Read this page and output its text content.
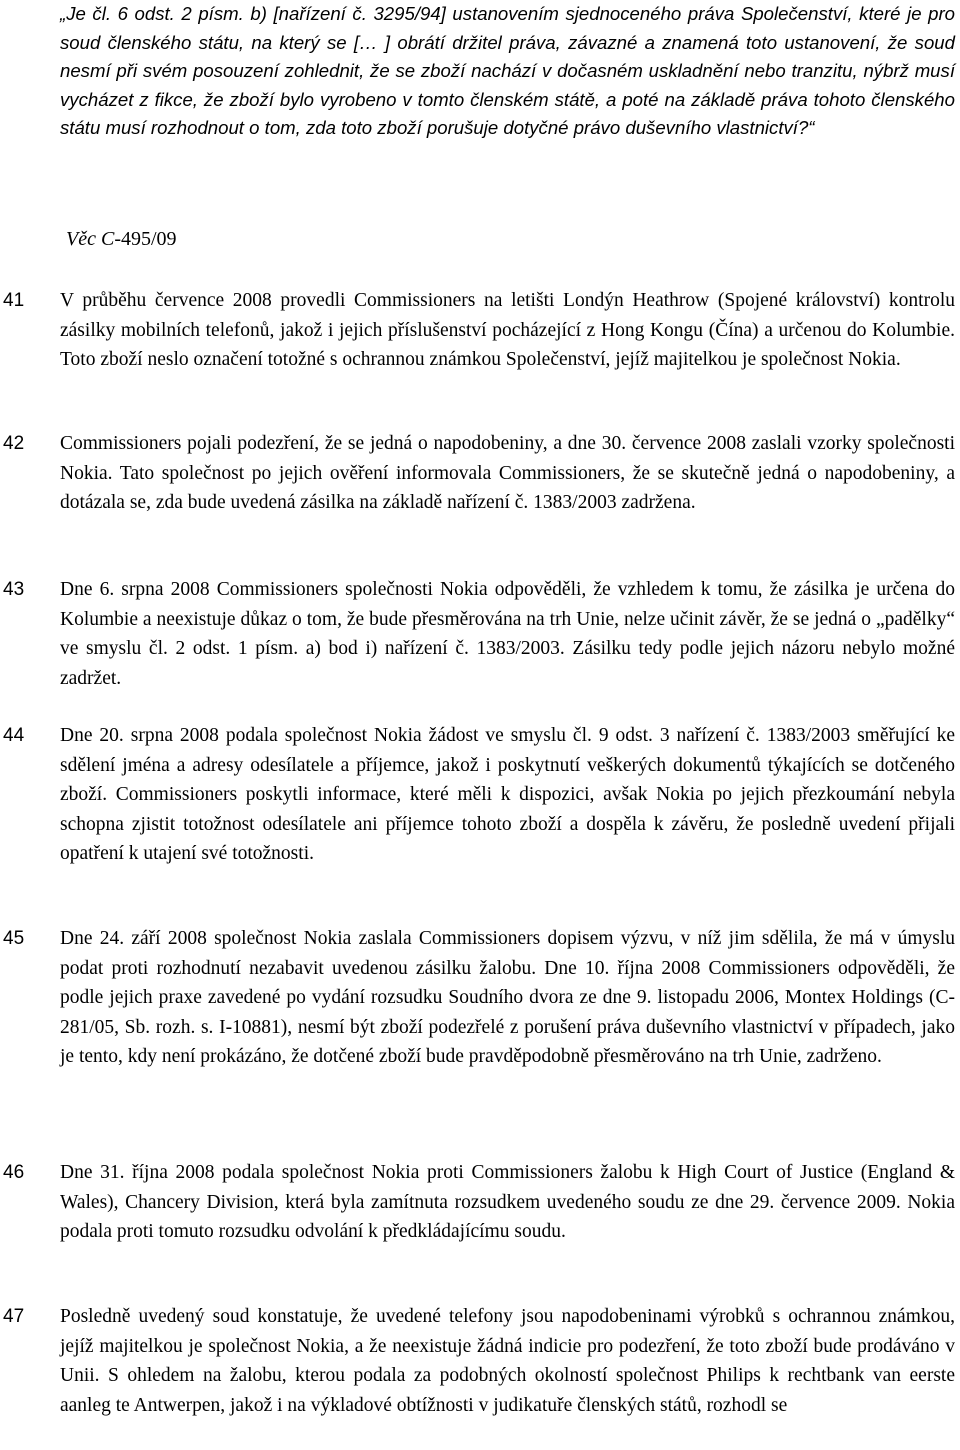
„Je čl. 6 odst. 2 písm. b) [nařízení č. 3295/94] ustanovením sjednoceného práva Společenství, které je pro soud členského státu, na který se [… ] obrátí držitel práva, závazné a znamená toto ustanovení, že soud nesmí při svém posouzení zohlednit, že se zboží nachází v dočasném uskladnění nebo tranzitu, nýbrž musí vycházet z fikce, že zboží bylo vyrobeno v tomto členském státě, a poté na základě práva tohoto členského státu musí rozhodnout o tom, zda toto zboží porušuje dotyčné právo duševního vlastnictví?“

Věc C-495/09

41 V průběhu července 2008 provedli Commissioners na letišti Londýn Heathrow (Spojené království) kontrolu zásilky mobilních telefonů, jakož i jejich příslušenství pocházející z Hong Kongu (Čína) a určenou do Kolumbie. Toto zboží neslo označení totožné s ochrannou známkou Společenství, jejíž majitelkou je společnost Nokia.

42 Commissioners pojali podezření, že se jedná o napodobeniny, a dne 30. července 2008 zaslali vzorky společnosti Nokia. Tato společnost po jejich ověření informovala Commissioners, že se skutečně jedná o napodobeniny, a dotázala se, zda bude uvedená zásilka na základě nařízení č. 1383/2003 zadržena.

43 Dne 6. srpna 2008 Commissioners společnosti Nokia odpověděli, že vzhledem k tomu, že zásilka je určena do Kolumbie a neexistuje důkaz o tom, že bude přesměrována na trh Unie, nelze učinit závěr, že se jedná o „padělky“ ve smyslu čl. 2 odst. 1 písm. a) bod i) nařízení č. 1383/2003. Zásilku tedy podle jejich názoru nebylo možné zadržet.

44 Dne 20. srpna 2008 podala společnost Nokia žádost ve smyslu čl. 9 odst. 3 nařízení č. 1383/2003 směřující ke sdělení jména a adresy odesílatele a příjemce, jakož i poskytnutí veškerých dokumentů týkajících se dotčeného zboží. Commissioners poskytli informace, které měli k dispozici, avšak Nokia po jejich přezkoumání nebyla schopna zjistit totožnost odesílatele ani příjemce tohoto zboží a dospěla k závěru, že posledně uvedení přijali opatření k utajení své totožnosti.

45 Dne 24. září 2008 společnost Nokia zaslala Commissioners dopisem výzvu, v níž jim sdělila, že má v úmyslu podat proti rozhodnutí nezabavit uvedenou zásilku žalobu. Dne 10. října 2008 Commissioners odpověděli, že podle jejich praxe zavedené po vydání rozsudku Soudního dvora ze dne 9. listopadu 2006, Montex Holdings (C-281/05, Sb. rozh. s. I-10881), nesmí být zboží podezřelé z porušení práva duševního vlastnictví v případech, jako je tento, kdy není prokázáno, že dotčené zboží bude pravděpodobně přesměrováno na trh Unie, zadrženo.

46 Dne 31. října 2008 podala společnost Nokia proti Commissioners žalobu k High Court of Justice (England & Wales), Chancery Division, která byla zamítnuta rozsudkem uvedeného soudu ze dne 29. července 2009. Nokia podala proti tomuto rozsudku odvolání k předkládajícímu soudu.

47 Posledně uvedený soud konstatuje, že uvedené telefony jsou napodobeninami výrobků s ochrannou známkou, jejíž majitelkou je společnost Nokia, a že neexistuje žádná indicie pro podezření, že toto zboží bude prodáváno v Unii. S ohledem na žalobu, kterou podala za podobných okolností společnost Philips k rechtbank van eerste aanleg te Antwerpen, jakož i na výkladové obtížnosti v judikatuře členských států, rozhodl se
